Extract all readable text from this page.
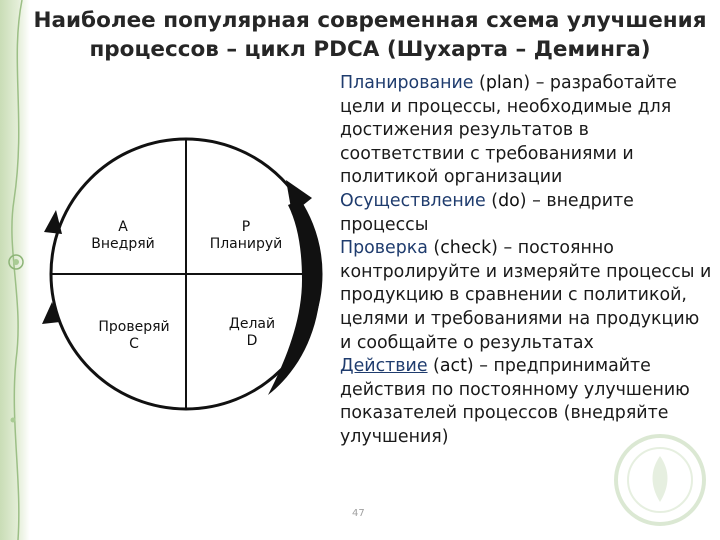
Наиболее популярная современная схема улучшения
процессов – цикл PDCA (Шухарта – Деминга)
A
Внедряй
P
Планируй
Проверяй
C
Делай
D

Планирование (plan) – разработайте цели и процессы, необходимые для достижения результатов в соответствии с требованиями и политикой организации

Осуществление (do) – внедрите процессы

Проверка (check) – постоянно контролируйте и измеряйте процессы и продукцию в сравнении с политикой, целями и требованиями на продукцию и сообщайте о результатах

Действие (act) – предпринимайте действия по постоянному улучшению показателей процессов (внедряйте улучшения)

47
